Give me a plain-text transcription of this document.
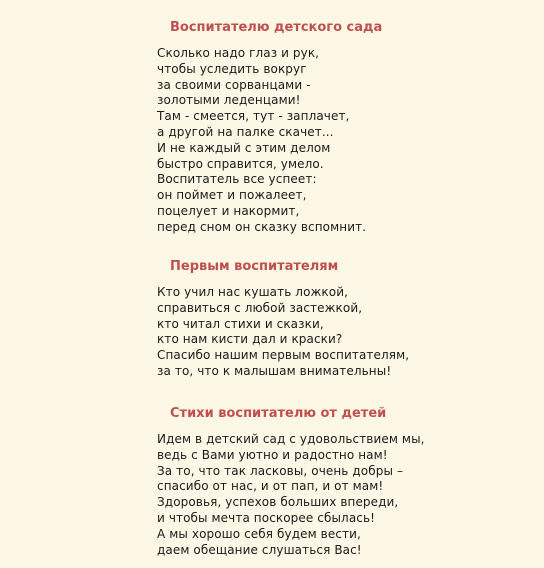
Воспитателю детского сада
Сколько надо глаз и рук,
чтобы уследить вокруг
за своими сорванцами -
золотыми леденцами!
Там - смеется, тут - заплачет,
а другой на палке скачет...
И не каждый с этим делом
быстро справится, умело.
Воспитатель все успеет:
он поймет и пожалеет,
поцелует и накормит,
перед сном он сказку вспомнит.
Первым воспитателям
Кто учил нас кушать ложкой,
справиться с любой застежкой,
кто читал стихи и сказки,
кто нам кисти дал и краски?
Спасибо нашим первым воспитателям,
за то, что к малышам внимательны!
Стихи воспитателю от детей
Идем в детский сад с удовольствием мы,
ведь с Вами уютно и радостно нам!
За то, что так ласковы, очень добры –
спасибо от нас, и от пап, и от мам!
Здоровья, успехов больших впереди,
и чтобы мечта поскорее сбылась!
А мы хорошо себя будем вести,
даем обещание слушаться Вас!
